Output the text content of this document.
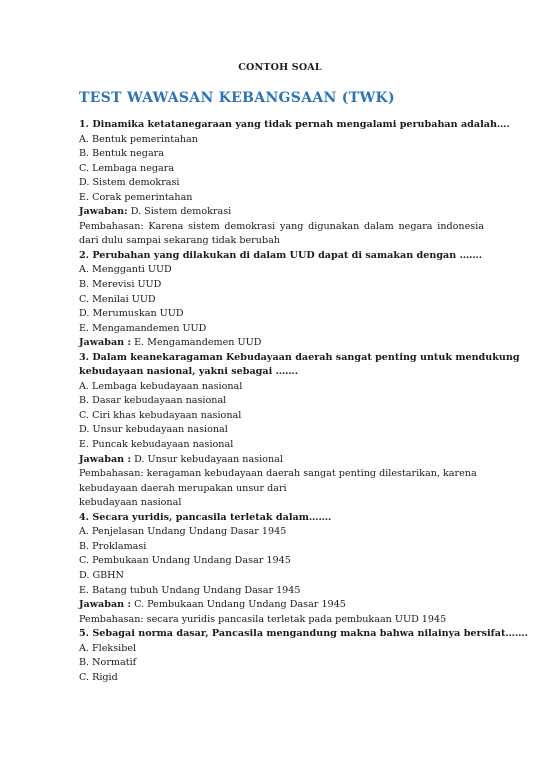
CONTOH SOAL
TEST WAWASAN KEBANGSAAN (TWK)
1. Dinamika ketatanegaraan yang tidak pernah mengalami perubahan adalah….
A. Bentuk pemerintahan
B. Bentuk negara
C. Lembaga negara
D. Sistem demokrasi
E. Corak pemerintahan
Jawaban: D. Sistem demokrasi
Pembahasan: Karena sistem demokrasi yang digunakan dalam negara indonesia dari dulu sampai sekarang tidak berubah
2. Perubahan yang dilakukan di dalam UUD dapat di samakan dengan …….
A. Mengganti UUD
B. Merevisi UUD
C. Menilai UUD
D. Merumuskan UUD
E. Mengamandemen UUD
Jawaban : E. Mengamandemen UUD
3. Dalam keanekaragaman Kebudayaan daerah sangat penting untuk mendukung
kebudayaan nasional, yakni sebagai …….
A. Lembaga kebudayaan nasional
B. Dasar kebudayaan nasional
C. Ciri khas kebudayaan nasional
D. Unsur kebudayaan nasional
E. Puncak kebudayaan nasional
Jawaban : D. Unsur kebudayaan nasional
Pembahasan: keragaman kebudayaan daerah sangat penting dilestarikan, karena
kebudayaan daerah merupakan unsur dari
kebudayaan nasional
4. Secara yuridis, pancasila terletak dalam…….
A. Penjelasan Undang Undang Dasar 1945
B. Proklamasi
C. Pembukaan Undang Undang Dasar 1945
D. GBHN
E. Batang tubuh Undang Undang Dasar 1945
Jawaban : C. Pembukaan Undang Undang Dasar 1945
Pembahasan: secara yuridis pancasila terletak pada pembukaan UUD 1945
5. Sebagai norma dasar, Pancasila mengandung makna bahwa nilainya bersifat…….
A. Fleksibel
B. Normatif
C. Rigid
